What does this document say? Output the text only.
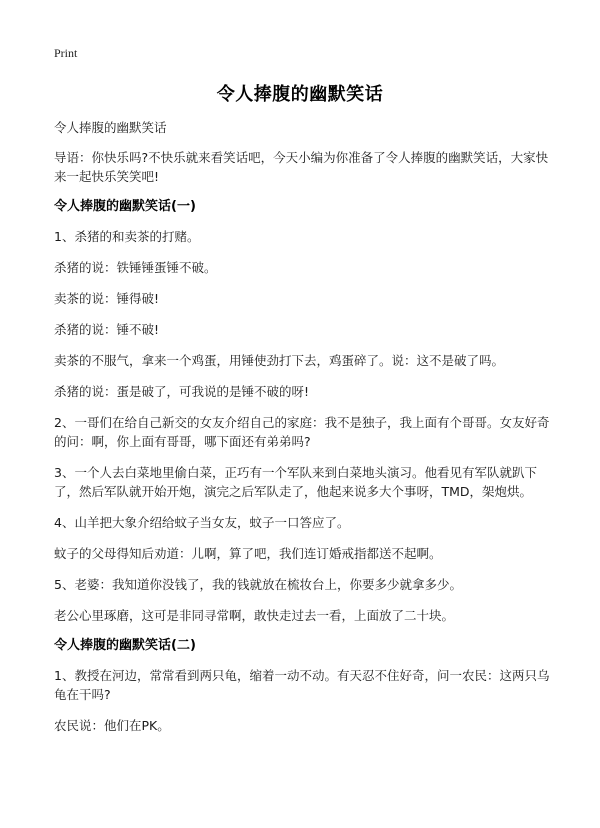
Print
令人捧腹的幽默笑话

令人捧腹的幽默笑话

导语：你快乐吗?不快乐就来看笑话吧，今天小编为你准备了令人捧腹的幽默笑话，大家快来一起快乐笑笑吧!

令人捧腹的幽默笑话(一)

1、杀猪的和卖茶的打赌。

杀猪的说：铁锤锤蛋锤不破。

卖茶的说：锤得破!

杀猪的说：锤不破!

卖茶的不服气，拿来一个鸡蛋，用锤使劲打下去，鸡蛋碎了。说：这不是破了吗。

杀猪的说：蛋是破了，可我说的是锤不破的呀!

2、一哥们在给自己新交的女友介绍自己的家庭：我不是独子，我上面有个哥哥。女友好奇的问：啊，你上面有哥哥，哪下面还有弟弟吗?

3、一个人去白菜地里偷白菜，正巧有一个军队来到白菜地头演习。他看见有军队就趴下了，然后军队就开始开炮，演完之后军队走了，他起来说多大个事呀，TMD，架炮烘。

4、山羊把大象介绍给蚊子当女友，蚊子一口答应了。

蚊子的父母得知后劝道：儿啊，算了吧，我们连订婚戒指都送不起啊。

5、老婆：我知道你没钱了，我的钱就放在梳妆台上，你要多少就拿多少。

老公心里琢磨，这可是非同寻常啊，敢快走过去一看，上面放了二十块。

令人捧腹的幽默笑话(二)

1、教授在河边，常常看到两只龟，缩着一动不动。有天忍不住好奇，问一农民：这两只乌龟在干吗?

农民说：他们在PK。
